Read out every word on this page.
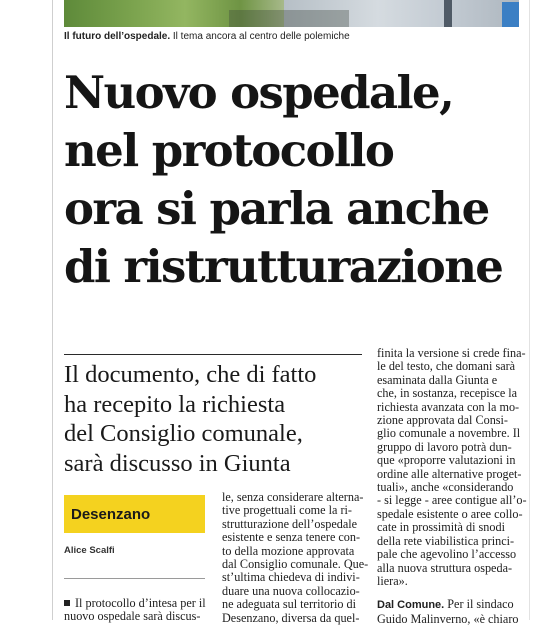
Il futuro dell’ospedale. Il tema ancora al centro delle polemiche
Nuovo ospedale,
nel protocollo
ora si parla anche
di ristrutturazione
Il documento, che di fatto
ha recepito la richiesta
del Consiglio comunale,
sarà discusso in Giunta
Desenzano
Alice Scalfi
Il protocollo d’intesa per il
nuovo ospedale sarà discus-
le, senza considerare alterna-
tive progettuali come la ri-
strutturazione dell’ospedale
esistente e senza tenere con-
to della mozione approvata
dal Consiglio comunale. Que-
st’ultima chiedeva di indivi-
duare una nuova collocazio-
ne adeguata sul territorio di
Desenzano, diversa da quel-
finita la versione si crede fina-
le del testo, che domani sarà
esaminata dalla Giunta e
che, in sostanza, recepisce la
richiesta avanzata con la mo-
zione approvata dal Consi-
glio comunale a novembre. Il
gruppo di lavoro potrà dun-
que «proporre valutazioni in
ordine alle alternative proget-
tuali», anche «considerando
- si legge - aree contigue all’o-
spedale esistente o aree collo-
cate in prossimità di snodi
della rete viabilistica princi-
pale che agevolino l’accesso
alla nuova struttura ospeda-
liera».
Dal Comune. Per il sindaco
Guido Malinverno, «è chiaro
